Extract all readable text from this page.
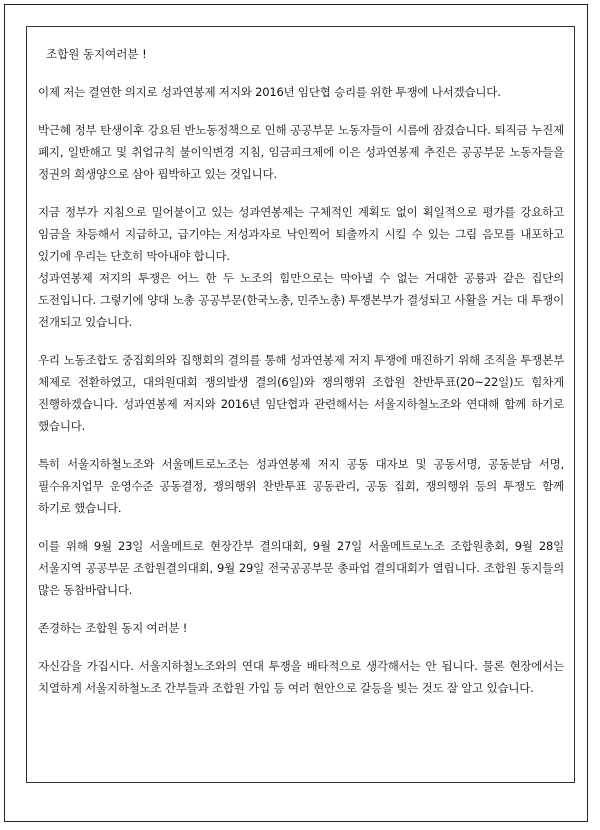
조합원 동지여러분 !

이제 저는 결연한 의지로 성과연봉제 저지와 2016년 임단협 승리를 위한 투쟁에 나서겠습니다.

박근혜 정부 탄생이후 강요된 반노동정책으로 인해 공공부문 노동자들이 시름에 잠겼습니다. 퇴직금 누진제 폐지, 일반해고 및 취업규칙 불이익변경 지침, 임금피크제에 이은 성과연봉제 추진은 공공부문 노동자들을 정권의 희생양으로 삼아 핍박하고 있는 것입니다.

지금 정부가 지침으로 밀어붙이고 있는 성과연봉제는 구체적인 계획도 없이 획일적으로 평가를 강요하고 임금을 차등해서 지급하고, 급기야는 저성과자로 낙인찍어 퇴출까지 시킬 수 있는 그림 음모를 내포하고 있기에 우리는 단호히 막아내야 합니다.

성과연봉제 저지의 투쟁은 어느 한 두 노조의 힘만으로는 막아낼 수 없는 거대한 공룡과 같은 집단의 도전입니다. 그렇기에 양대 노총 공공부문(한국노총, 민주노총) 투쟁본부가 결성되고 사활을 거는 대 투쟁이 전개되고 있습니다.

우리 노동조합도 중집회의와 집행회의 결의를 통해 성과연봉제 저지 투쟁에 매진하기 위해 조직을 투쟁본부 체제로 전환하였고, 대의원대회 쟁의발생 결의(6일)와 쟁의행위 조합원 찬반투표(20~22일)도 힘차게 진행하겠습니다. 성과연봉제 저지와 2016년 임단협과 관련해서는 서울지하철노조와 연대해 함께 하기로 했습니다.

특히 서울지하철노조와 서울메트로노조는 성과연봉제 저지 공동 대자보 및 공동서명, 공동분담 서명, 필수유지업무 운영수준 공동결정, 쟁의행위 찬반투표 공동관리, 공동 집회, 쟁의행위 등의 투쟁도 함께 하기로 했습니다.

이를 위해 9월 23일 서울메트로 현장간부 결의대회, 9월 27일 서울메트로노조 조합원총회, 9월 28일 서울지역 공공부문 조합원결의대회, 9월 29일 전국공공부문 총파업 결의대회가 열립니다. 조합원 동지들의 많은 동참바랍니다.

존경하는 조합원 동지 여러분 !

자신감을 가집시다. 서울지하철노조와의 연대 투쟁을 배타적으로 생각해서는 안 됩니다. 물론 현장에서는 치열하게 서울지하철노조 간부들과 조합원 가입 등 여러 현안으로 갈등을 빚는 것도 잘 알고 있습니다.
